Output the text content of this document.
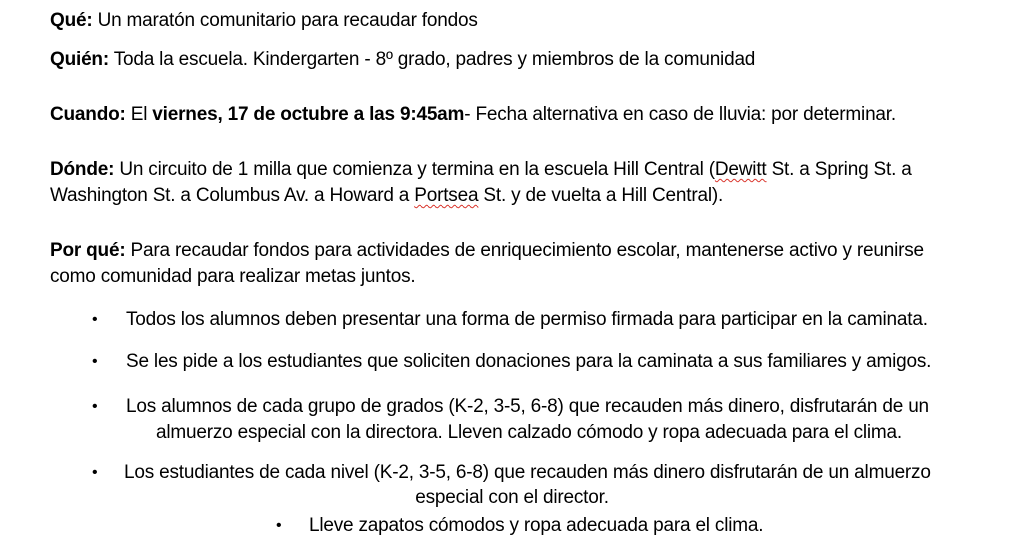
Qué: Un maratón comunitario para recaudar fondos
Quién: Toda la escuela. Kindergarten - 8º grado, padres y miembros de la comunidad
Cuando: El viernes, 17 de octubre a las 9:45am- Fecha alternativa en caso de lluvia: por determinar.
Dónde: Un circuito de 1 milla que comienza y termina en la escuela Hill Central (Dewitt St. a Spring St. a
Washington St. a Columbus Av. a Howard a Portsea St. y de vuelta a Hill Central).
Por qué: Para recaudar fondos para actividades de enriquecimiento escolar, mantenerse activo y reunirse
como comunidad para realizar metas juntos.
• Todos los alumnos deben presentar una forma de permiso firmada para participar en la caminata.
• Se les pide a los estudiantes que soliciten donaciones para la caminata a sus familiares y amigos.
• Los alumnos de cada grupo de grados (K-2, 3-5, 6-8) que recauden más dinero, disfrutarán de un
almuerzo especial con la directora. Lleven calzado cómodo y ropa adecuada para el clima.
• Los estudiantes de cada nivel (K-2, 3-5, 6-8) que recauden más dinero disfrutarán de un almuerzo
especial con el director.
• Lleve zapatos cómodos y ropa adecuada para el clima.
